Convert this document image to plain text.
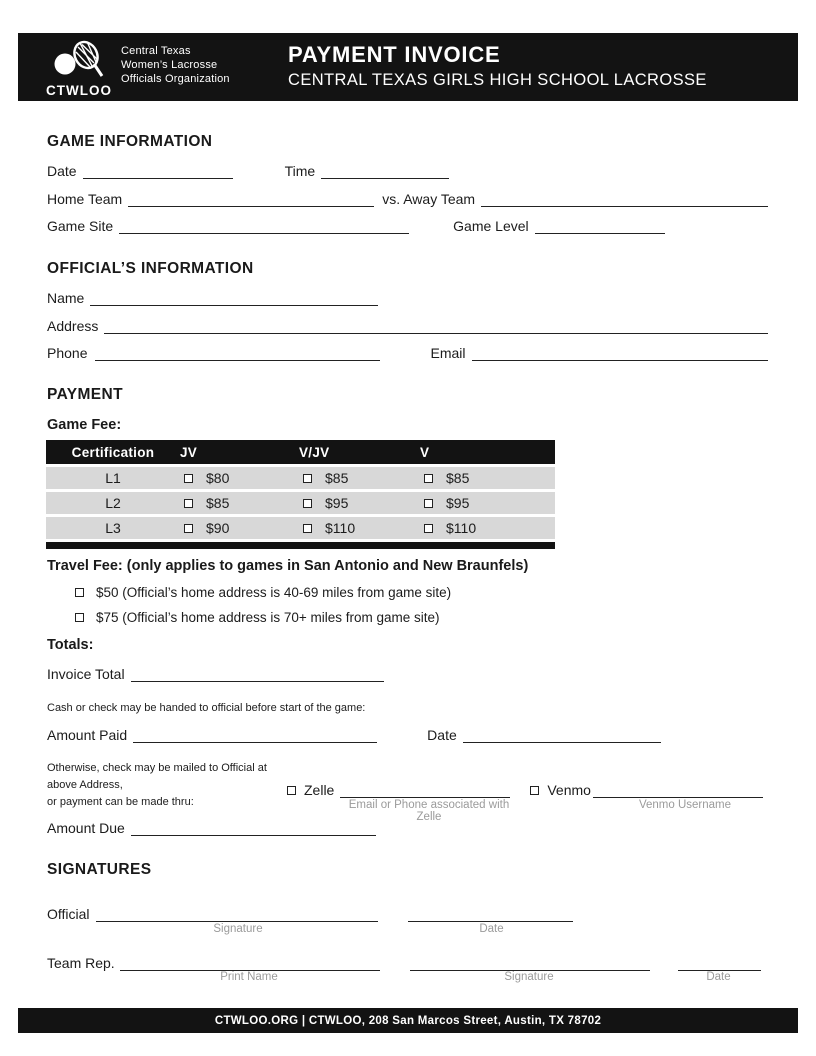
CTWLOO
Central Texas
Women’s Lacrosse
Officials Organization
PAYMENT INVOICE
CENTRAL TEXAS GIRLS HIGH SCHOOL LACROSSE
GAME INFORMATION
Date	Time
Home Team	vs. Away Team
Game Site	Game Level
OFFICIAL’S INFORMATION
Name
Address
Phone	Email
PAYMENT
Game Fee:
Certification	JV	V/JV	V
L1	$80	$85	$85
L2	$85	$95	$95
L3	$90	$110	$110
Travel Fee: (only applies to games in San Antonio and New Braunfels)
$50 (Official’s home address is 40-69 miles from game site)
$75 (Official’s home address is 70+ miles from game site)
Totals:
Invoice Total
Cash or check may be handed to official before start of the game:
Amount Paid	Date
Otherwise, check may be mailed to Official at above Address,
or payment can be made thru:
Zelle	Venmo
Email or Phone associated with Zelle
Venmo Username
Amount Due
SIGNATURES
Official
Signature	Date
Team Rep.
Print Name	Signature	Date
CTWLOO.ORG | CTWLOO, 208 San Marcos Street, Austin, TX 78702
